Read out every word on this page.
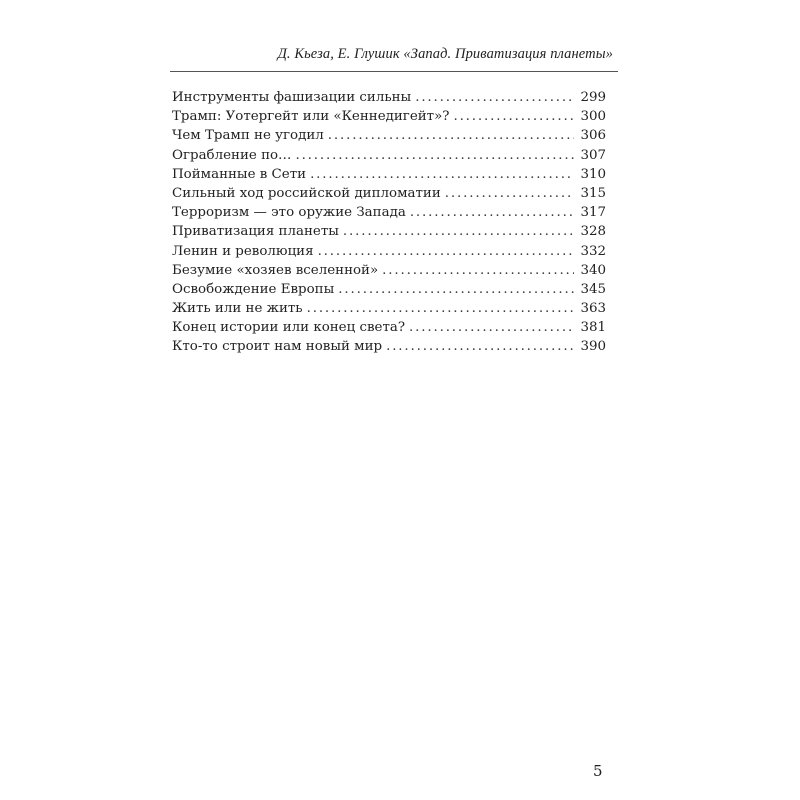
Д. Кьеза, Е. Глушик «Запад. Приватизация планеты»
Инструменты фашизации сильны . . .	299
Трамп: Уотергейт или «Кеннедигейт»? . . .	300
Чем Трамп не угодил . . .	306
Ограбление по… . . .	307
Пойманные в Сети . . .	310
Сильный ход российской дипломатии . . .	315
Терроризм — это оружие Запада . . .	317
Приватизация планеты . . .	328
Ленин и революция . . .	332
Безумие «хозяев вселенной» . . .	340
Освобождение Европы . . .	345
Жить или не жить . . .	363
Конец истории или конец света? . . .	381
Кто-то строит нам новый мир . . .	390
5
